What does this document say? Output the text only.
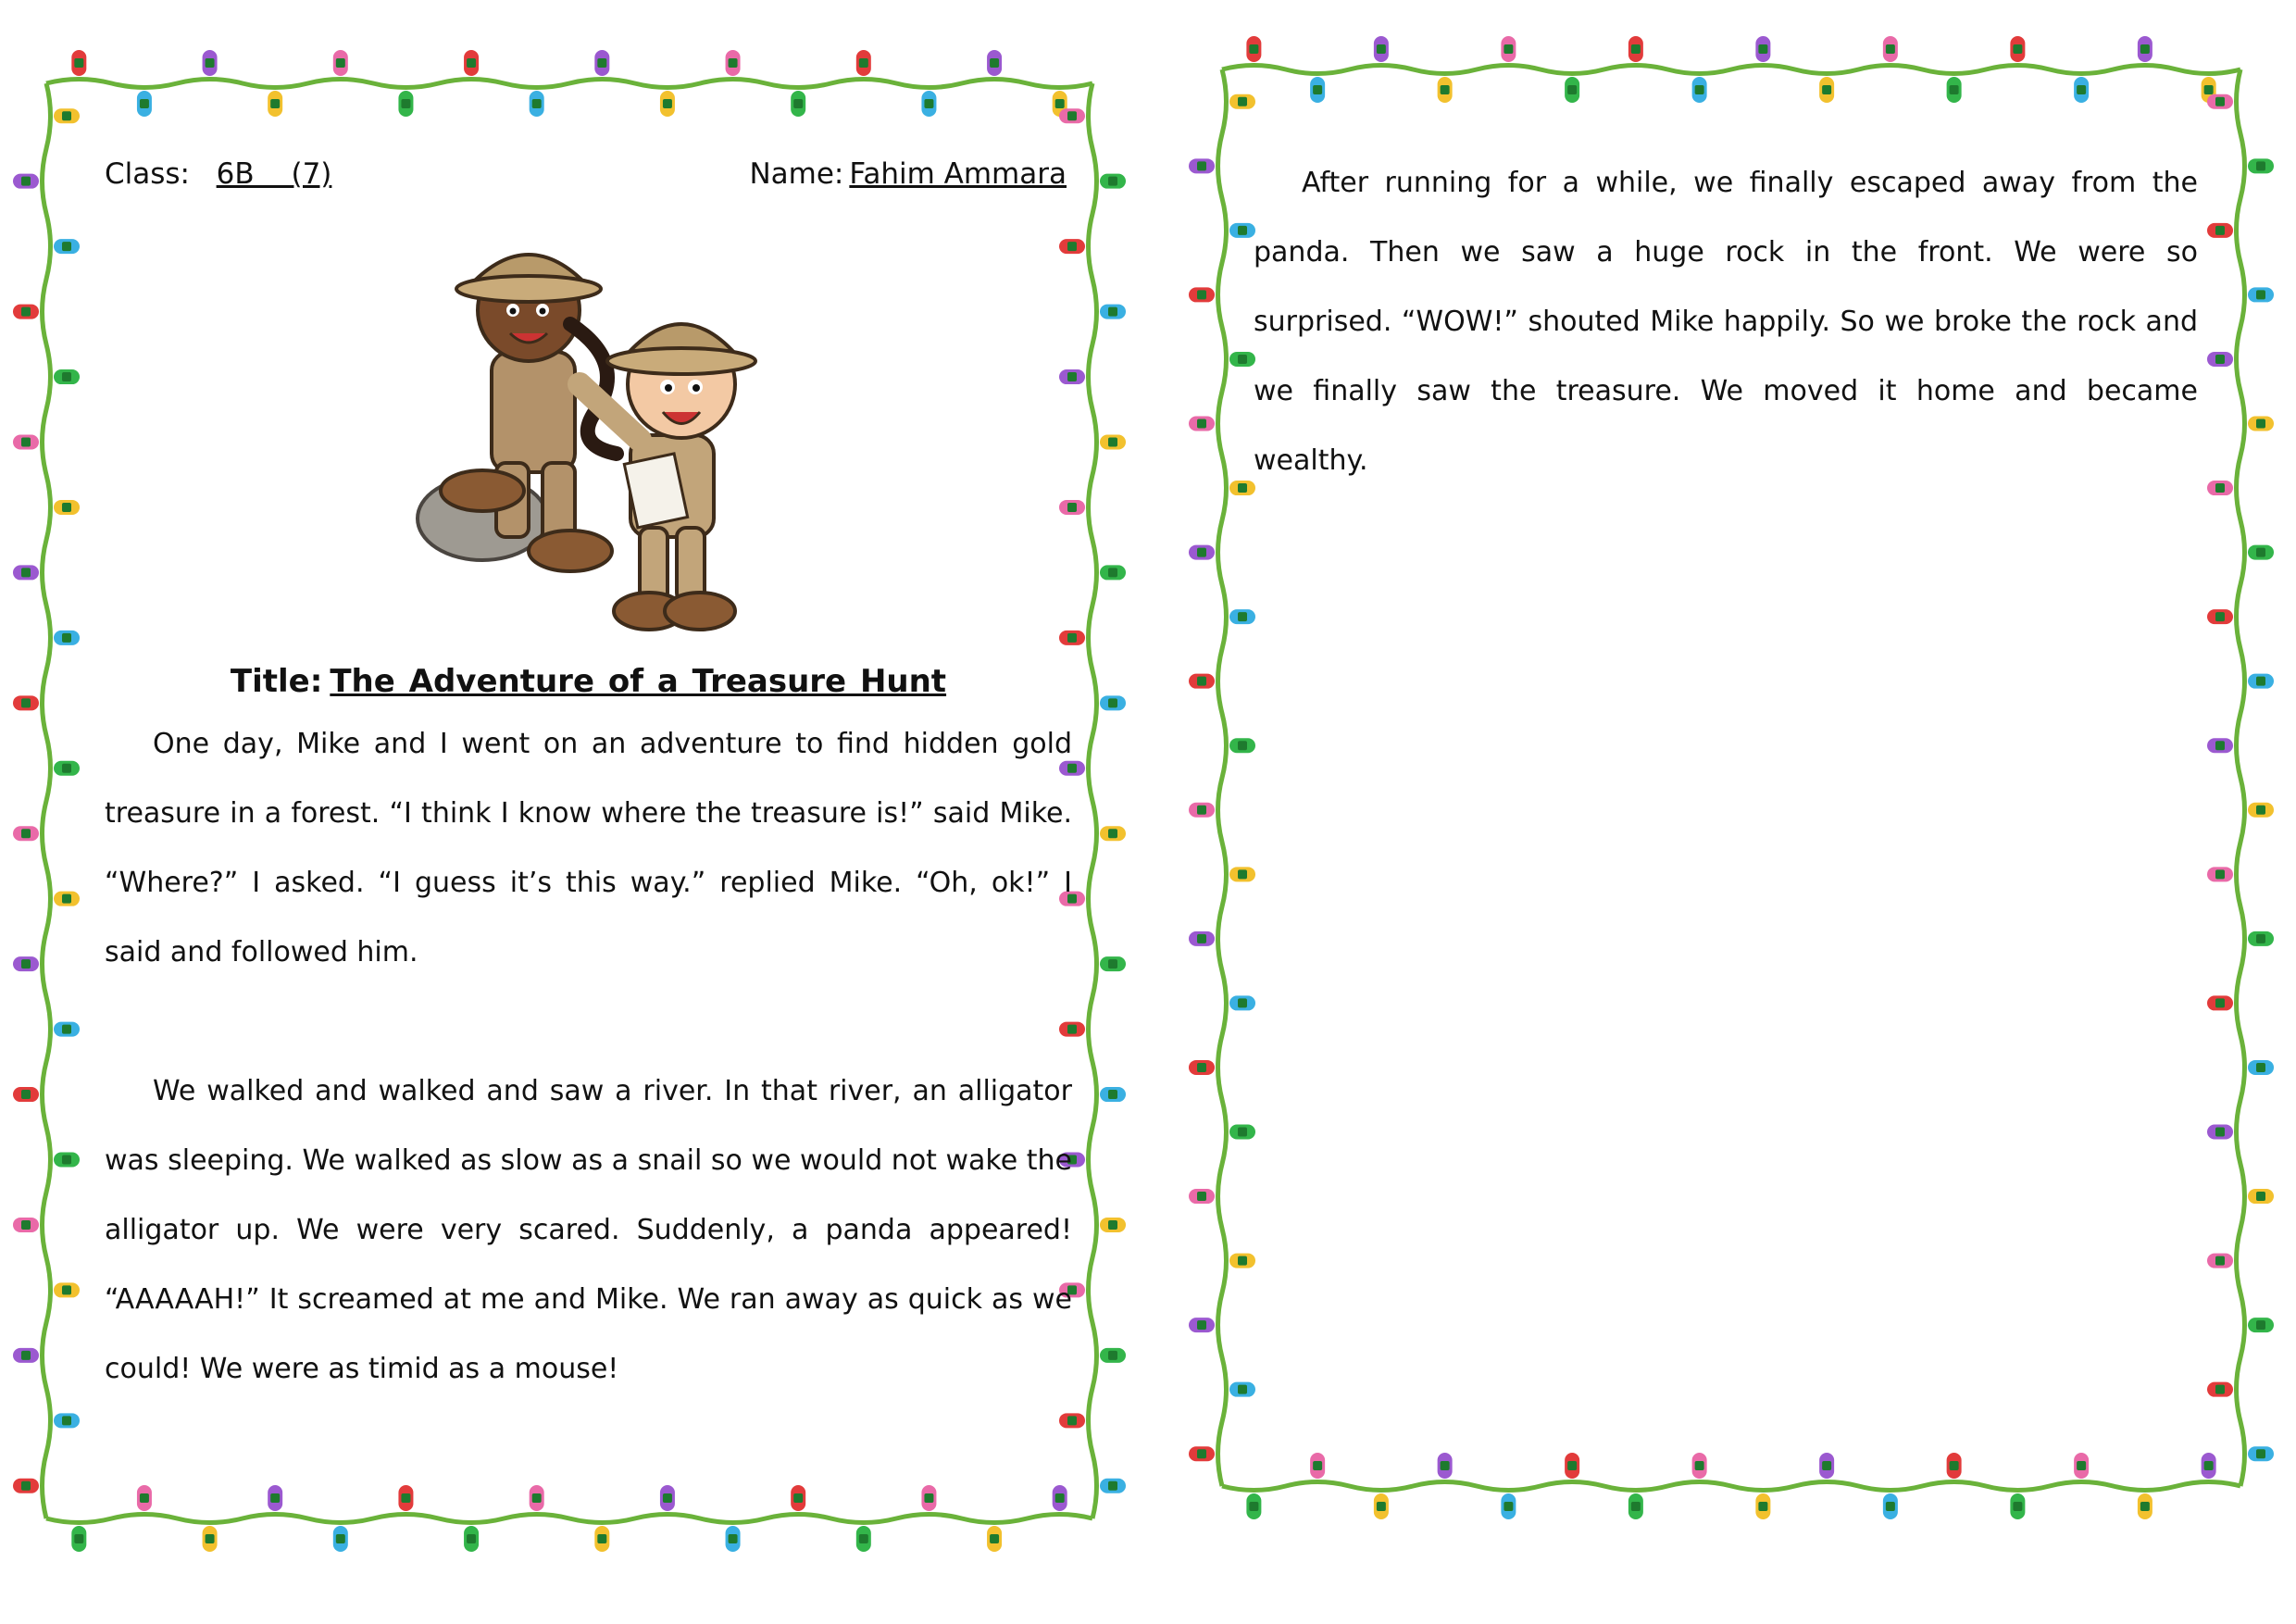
Class: 6B (7)	Name: Fahim Ammara
Title: The Adventure of a Treasure Hunt

One day, Mike and I went on an adventure to find hidden gold treasure in a forest. “I think I know where the treasure is!” said Mike. “Where?” I asked. “I guess it’s this way.” replied Mike. “Oh, ok!” I said and followed him.

We walked and walked and saw a river. In that river, an alligator was sleeping. We walked as slow as a snail so we would not wake the alligator up. We were very scared. Suddenly, a panda appeared! “AAAAAH!” It screamed at me and Mike. We ran away as quick as we could! We were as timid as a mouse!

After running for a while, we finally escaped away from the panda. Then we saw a huge rock in the front. We were so surprised. “WOW!” shouted Mike happily. So we broke the rock and we finally saw the treasure. We moved it home and became wealthy.
